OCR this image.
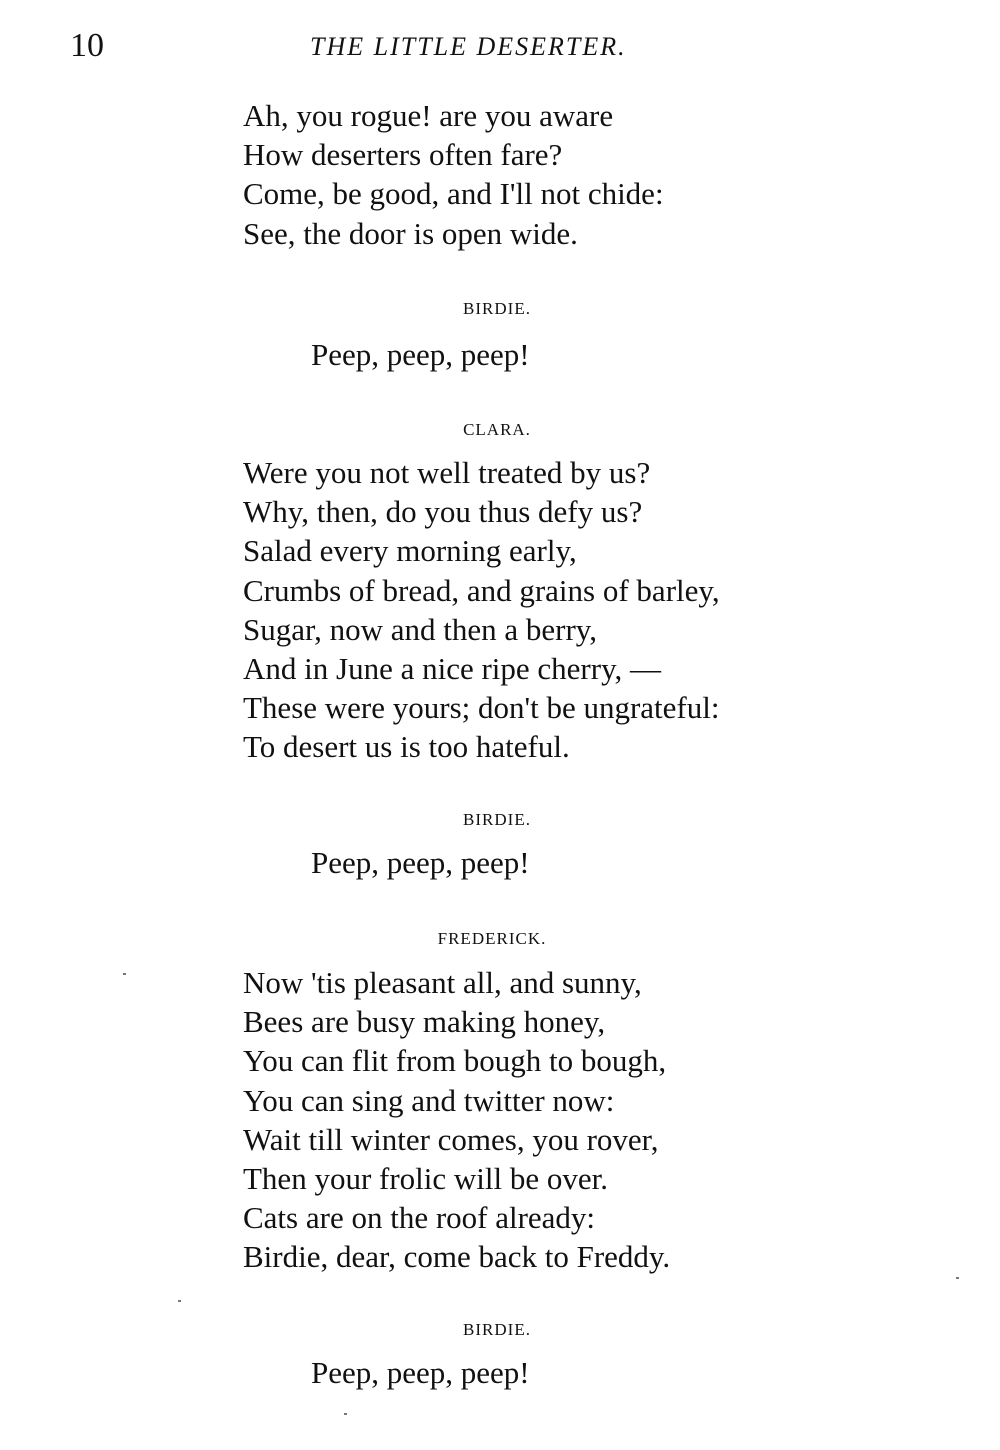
10	THE LITTLE DESERTER.
Ah, you rogue! are you aware
How deserters often fare?
Come, be good, and I'll not chide:
See, the door is open wide.
BIRDIE.
Peep, peep, peep!
CLARA.
Were you not well treated by us?
Why, then, do you thus defy us?
Salad every morning early,
Crumbs of bread, and grains of barley,
Sugar, now and then a berry,
And in June a nice ripe cherry, —
These were yours; don't be ungrateful:
To desert us is too hateful.
BIRDIE.
Peep, peep, peep!
FREDERICK.
Now 'tis pleasant all, and sunny,
Bees are busy making honey,
You can flit from bough to bough,
You can sing and twitter now:
Wait till winter comes, you rover,
Then your frolic will be over.
Cats are on the roof already:
Birdie, dear, come back to Freddy.
BIRDIE.
Peep, peep, peep!
